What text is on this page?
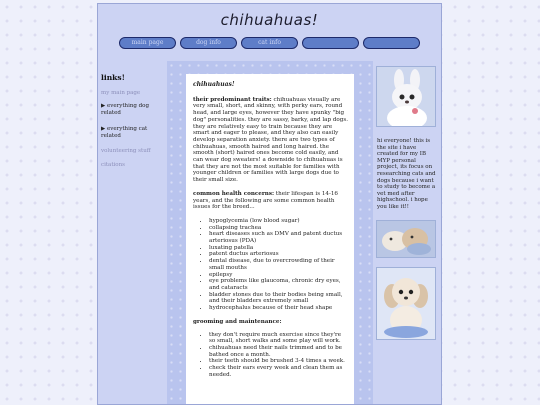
chihuahuas!
main page	dog info	cat info
links!
my main page
▶ everything dog related
▶ everything cat related
volunteering stuff
citations
chihuahuas!

their predominant traits: chihuahuas visually are very small, short, and skinny, with perky ears, round head, and large eyes, however they have spunky "big dog" personalities. they are sassy, barky, and lap dogs. they are relatively easy to train because they are smart and eager to please, and they also can easily develop separation anxiety. there are two types of chihuahuas, smooth haired and long haired. the smooth (short) haired ones become cold easily, and can wear dog sweaters! a downside to chihuahuas is that they are not the most suitable for families with younger children or families with large dogs due to their small size.

common health concerns: their lifespan is 14-16 years, and the following are some common health issues for the breed...

• hypoglycemia (low blood sugar)
• collapsing trachea
• heart diseases such as DMV and patent ductus arteriosus (PDA)
• luxating patella
• patent ductus arteriosus
• dental disease, due to overcrowding of their small mouths
• epilepsy
• eye problems like glaucoma, chronic dry eyes, and cataracts
• bladder stones due to their bodies being small, and their bladders extremely small
• hydrocephalus because of their head shape
grooming and maintenance:
• they don't require much exercise since they're so small, short walks and some play will work.
• chihuahuas need their nails trimmed and to be bathed once a month.
• their teeth should be brushed 3-4 times a week.
• check their ears every week and clean them as needed.
hi everyone! this is the site i have created for my IB MYP personal project, its focus on researching cats and dogs because i want to study to become a vet med after highschool. i hope you like it!!
